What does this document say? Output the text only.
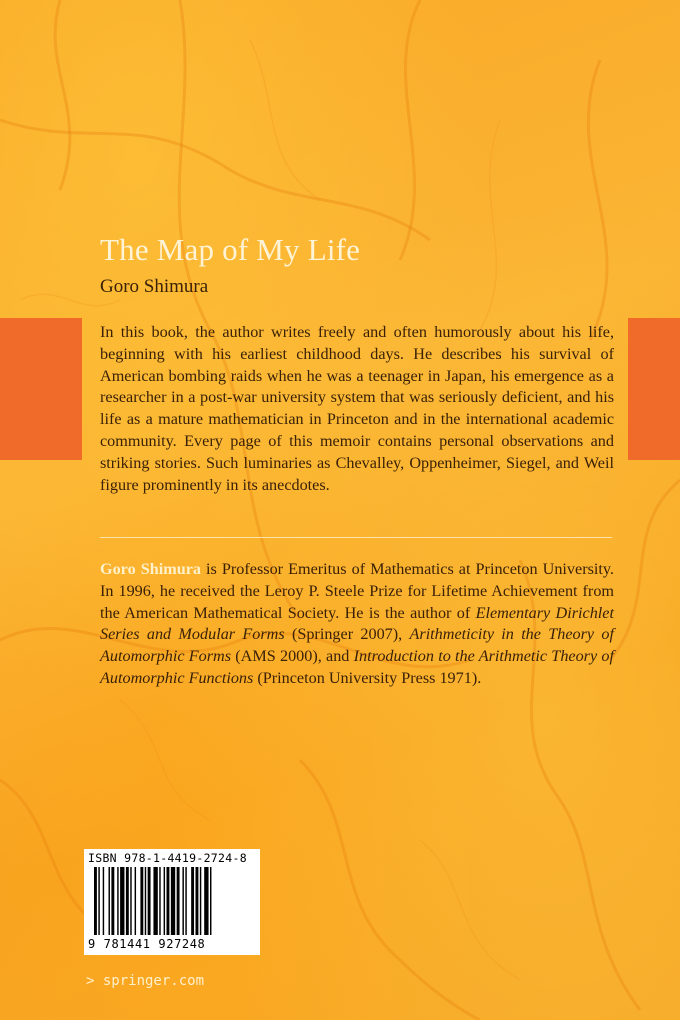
The Map of My Life

Goro Shimura

In this book, the author writes freely and often humorously about his life, beginning with his earliest childhood days. He describes his survival of American bombing raids when he was a teenager in Japan, his emergence as a researcher in a post-war university system that was seriously deficient, and his life as a mature mathematician in Princeton and in the international academic community. Every page of this memoir contains personal observations and striking stories. Such luminaries as Chevalley, Oppenheimer, Siegel, and Weil figure prominently in its anecdotes.

Goro Shimura is Professor Emeritus of Mathematics at Princeton University. In 1996, he received the Leroy P. Steele Prize for Lifetime Achievement from the American Mathematical Society. He is the author of Elementary Dirichlet Series and Modular Forms (Springer 2007), Arithmeticity in the Theory of Automorphic Forms (AMS 2000), and Introduction to the Arithmetic Theory of Automorphic Functions (Princeton University Press 1971).

ISBN 978-1-4419-2724-8
9 781441 927248
> springer.com
